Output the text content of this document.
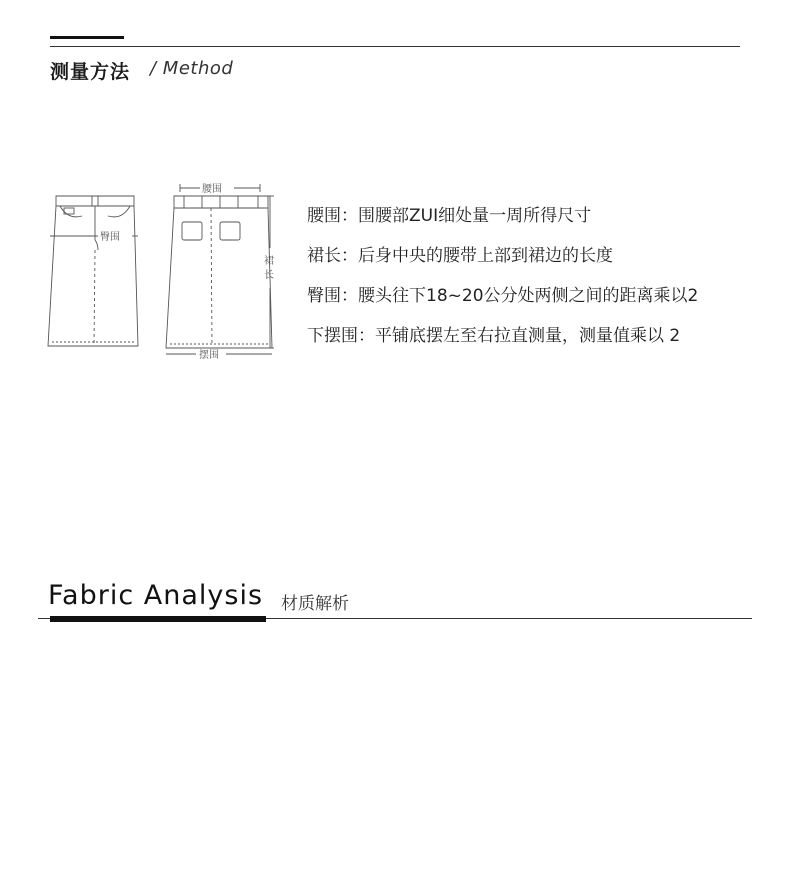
测量方法 / Method
腰围
臀围
摆围
裙
长
腰围：围腰部ZUI细处量一周所得尺寸
裙长：后身中央的腰带上部到裙边的长度
臀围：腰头往下18~20公分处两侧之间的距离乘以2
下摆围：平铺底摆左至右拉直测量，测量值乘以 2
Fabric Analysis 材质解析
